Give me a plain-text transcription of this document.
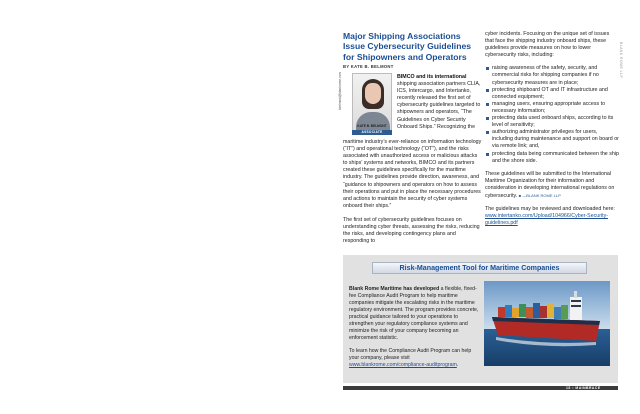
Major Shipping Associations Issue Cybersecurity Guidelines for Shipowners and Operators
BY KATE B. BELMONT
KATE B. BELMONT
ASSOCIATE
kbelmont@blankrome.com	BIMCO and its international shipping association partners CLIA, ICS, Intercargo, and Intertanko, recently released the first set of cybersecurity guidelines targeted to shipowners and operators, “The Guidelines on Cyber Security Onboard Ships.” Recognizing the

maritime industry’s ever-reliance on information technology (“IT”) and operational technology (“OT”), and the risks associated with unauthorized access or malicious attacks to ships’ systems and networks, BIMCO and its partners created these guidelines specifically for the maritime industry. The guidelines provide direction, awareness, and “guidance to shipowners and operators on how to assess their operations and put in place the necessary procedures and actions to maintain the security of cyber systems onboard their ships.”

The first set of cybersecurity guidelines focuses on understanding cyber threats, assessing the risks, reducing the risks, and developing contingency plans and responding to

cyber incidents. Focusing on the unique set of issues that face the shipping industry onboard ships, these guidelines provide measures on how to lower cybersecurity risks, including:

raising awareness of the safety, security, and commercial risks for shipping companies if no cybersecurity measures are in place;
protecting shipboard OT and IT infrastructure and connected equipment;
managing users, ensuring appropriate access to necessary information;
protecting data used onboard ships, according to its level of sensitivity;
authorizing administrator privileges for users, including during maintenance and support on board or via remote link; and,
protecting data being communicated between the ship and the shore side.

These guidelines will be submitted to the International Maritime Organization for their information and consideration in developing international regulations on cybersecurity. ■ —BLANK ROME LLP

The guidelines may be reviewed and downloaded here:
www.intertanko.com/Upload/104966/Cyber-Security-guidelines.pdf

BLANK ROME LLP
Risk-Management Tool for Maritime Companies

Blank Rome Maritime has developed a flexible, fixed-fee Compliance Audit Program to help maritime companies mitigate the escalating risks in the maritime regulatory environment. The program provides concrete, practical guidance tailored to your operations to strengthen your regulatory compliance systems and minimize the risk of your company becoming an enforcement statistic.

To learn how the Compliance Audit Program can help your company, please visit www.blankrome.com/compliance-auditprogram.

18 • MAINBRACE
